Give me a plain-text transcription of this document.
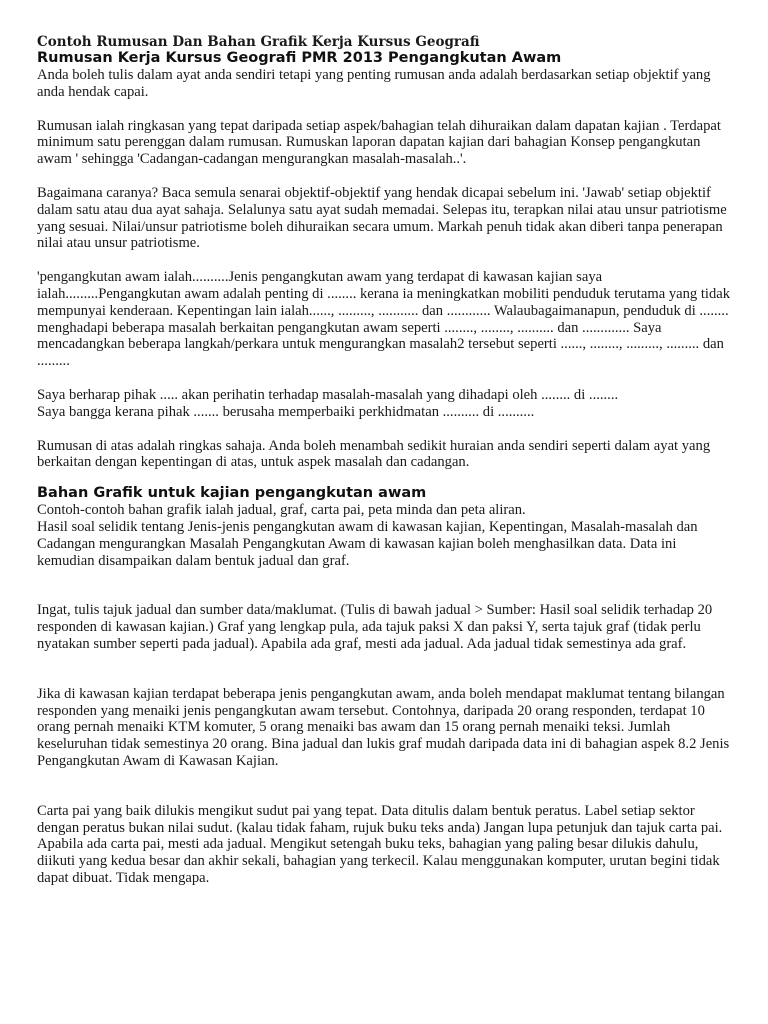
Contoh Rumusan Dan Bahan Grafik Kerja Kursus Geografi
Rumusan Kerja Kursus Geografi PMR 2013 Pengangkutan Awam

Anda boleh tulis dalam ayat anda sendiri tetapi yang penting rumusan anda adalah berdasarkan setiap objektif yang anda hendak capai.

Rumusan ialah ringkasan yang tepat daripada setiap aspek/bahagian telah dihuraikan dalam dapatan kajian . Terdapat minimum satu perenggan dalam rumusan. Rumuskan laporan dapatan kajian dari bahagian Konsep pengangkutan awam ' sehingga 'Cadangan-cadangan mengurangkan masalah-masalah..'.

Bagaimana caranya? Baca semula senarai objektif-objektif yang hendak dicapai sebelum ini. 'Jawab' setiap objektif dalam satu atau dua ayat sahaja. Selalunya satu ayat sudah memadai. Selepas itu, terapkan nilai atau unsur patriotisme yang sesuai. Nilai/unsur patriotisme boleh dihuraikan secara umum. Markah penuh tidak akan diberi tanpa penerapan nilai atau unsur patriotisme.

'pengangkutan awam ialah..........Jenis pengangkutan awam yang terdapat di kawasan kajian saya ialah.........Pengangkutan awam adalah penting di ........ kerana ia meningkatkan mobiliti penduduk terutama yang tidak mempunyai kenderaan. Kepentingan lain ialah......, ........., ........... dan ............ Walaubagaimanapun, penduduk di ........ menghadapi beberapa masalah berkaitan pengangkutan awam seperti ........, ........, .......... dan ............. Saya mencadangkan beberapa langkah/perkara untuk mengurangkan masalah2 tersebut seperti ......, ........, ........., ......... dan .........

Saya berharap pihak ..... akan perihatin terhadap masalah-masalah yang dihadapi oleh ........ di ........

Saya bangga kerana pihak ....... berusaha memperbaiki perkhidmatan .......... di ..........

Rumusan di atas adalah ringkas sahaja. Anda boleh menambah sedikit huraian anda sendiri seperti dalam ayat yang berkaitan dengan kepentingan di atas, untuk aspek masalah dan cadangan.

Bahan Grafik untuk kajian pengangkutan awam

Contoh-contoh bahan grafik ialah jadual, graf, carta pai, peta minda dan peta aliran.

Hasil soal selidik tentang Jenis-jenis pengangkutan awam di kawasan kajian, Kepentingan, Masalah-masalah dan Cadangan mengurangkan Masalah Pengangkutan Awam di kawasan kajian boleh menghasilkan data. Data ini kemudian disampaikan dalam bentuk jadual dan graf.

Ingat, tulis tajuk jadual dan sumber data/maklumat. (Tulis di bawah jadual > Sumber: Hasil soal selidik terhadap 20 responden di kawasan kajian.) Graf yang lengkap pula, ada tajuk paksi X dan paksi Y, serta tajuk graf (tidak perlu nyatakan sumber seperti pada jadual). Apabila ada graf, mesti ada jadual. Ada jadual tidak semestinya ada graf.

Jika di kawasan kajian terdapat beberapa jenis pengangkutan awam, anda boleh mendapat maklumat tentang bilangan responden yang menaiki jenis pengangkutan awam tersebut. Contohnya, daripada 20 orang responden, terdapat 10 orang pernah menaiki KTM komuter, 5 orang menaiki bas awam dan 15 orang pernah menaiki teksi. Jumlah keseluruhan tidak semestinya 20 orang. Bina jadual dan lukis graf mudah daripada data ini di bahagian aspek 8.2 Jenis Pengangkutan Awam di Kawasan Kajian.

Carta pai yang baik dilukis mengikut sudut pai yang tepat. Data ditulis dalam bentuk peratus. Label setiap sektor dengan peratus bukan nilai sudut. (kalau tidak faham, rujuk buku teks anda) Jangan lupa petunjuk dan tajuk carta pai. Apabila ada carta pai, mesti ada jadual. Mengikut setengah buku teks, bahagian yang paling besar dilukis dahulu, diikuti yang kedua besar dan akhir sekali, bahagian yang terkecil. Kalau menggunakan komputer, urutan begini tidak dapat dibuat. Tidak mengapa.
